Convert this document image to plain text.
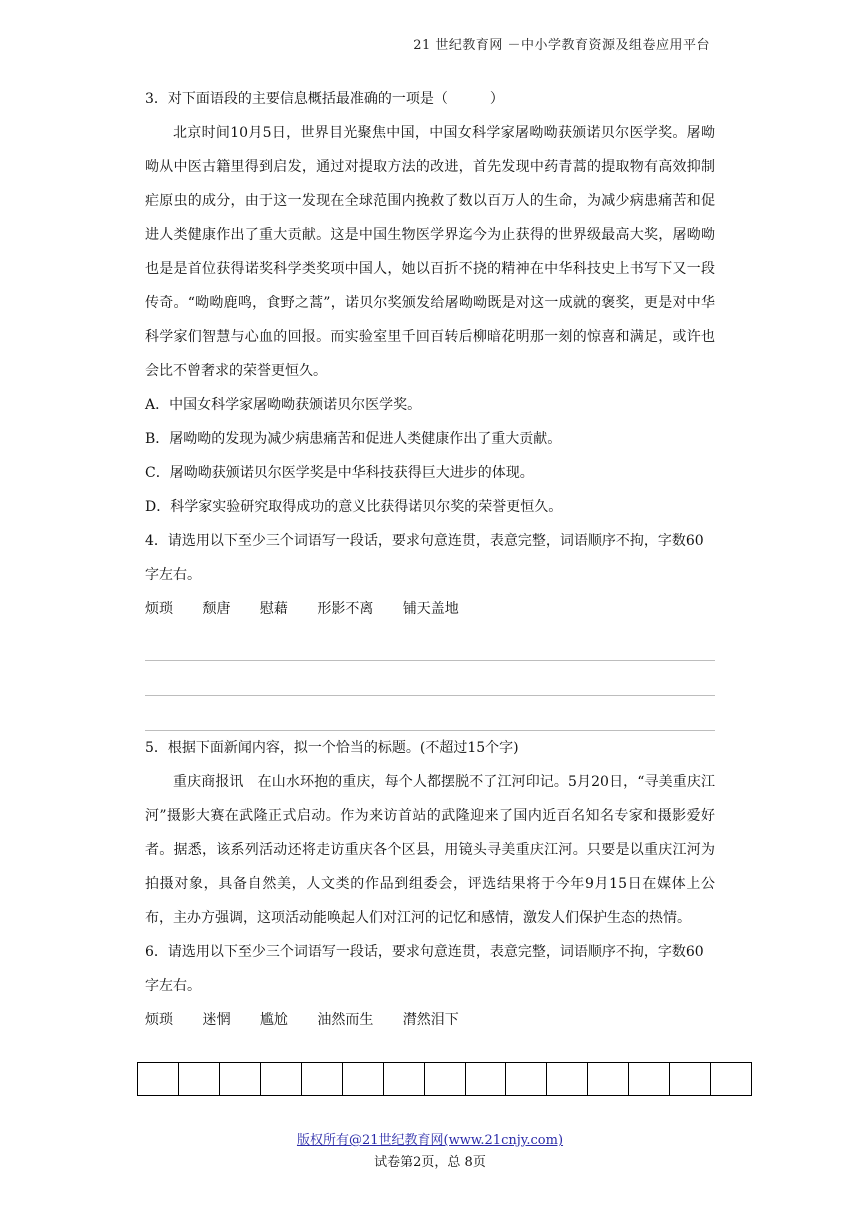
21 世纪教育网 －中小学教育资源及组卷应用平台

3．对下面语段的主要信息概括最准确的一项是（　　　）

北京时间10月5日，世界目光聚焦中国，中国女科学家屠呦呦获颁诺贝尔医学奖。屠呦呦从中医古籍里得到启发，通过对提取方法的改进，首先发现中药青蒿的提取物有高效抑制疟原虫的成分，由于这一发现在全球范围内挽救了数以百万人的生命，为减少病患痛苦和促进人类健康作出了重大贡献。这是中国生物医学界迄今为止获得的世界级最高大奖，屠呦呦也是是首位获得诺奖科学类奖项中国人，她以百折不挠的精神在中华科技史上书写下又一段传奇。“呦呦鹿鸣，食野之蒿”，诺贝尔奖颁发给屠呦呦既是对这一成就的褒奖，更是对中华科学家们智慧与心血的回报。而实验室里千回百转后柳暗花明那一刻的惊喜和满足，或许也会比不曾奢求的荣誉更恒久。

A．中国女科学家屠呦呦获颁诺贝尔医学奖。

B．屠呦呦的发现为减少病患痛苦和促进人类健康作出了重大贡献。

C．屠呦呦获颁诺贝尔医学奖是中华科技获得巨大进步的体现。

D．科学家实验研究取得成功的意义比获得诺贝尔奖的荣誉更恒久。

4．请选用以下至少三个词语写一段话，要求句意连贯，表意完整，词语顺序不拘，字数60字左右。

烦琐 颓唐 慰藉 形影不离 铺天盖地

5．根据下面新闻内容，拟一个恰当的标题。(不超过15个字)

重庆商报讯　在山水环抱的重庆，每个人都摆脱不了江河印记。5月20日，“寻美重庆江河”摄影大赛在武隆正式启动。作为来访首站的武隆迎来了国内近百名知名专家和摄影爱好者。据悉，该系列活动还将走访重庆各个区县，用镜头寻美重庆江河。只要是以重庆江河为拍摄对象，具备自然美，人文类的作品到组委会，评选结果将于今年9月15日在媒体上公布，主办方强调，这项活动能唤起人们对江河的记忆和感情，激发人们保护生态的热情。

6．请选用以下至少三个词语写一段话，要求句意连贯，表意完整，词语顺序不拘，字数60字左右。

烦琐 迷惘 尴尬 油然而生 潸然泪下

版权所有@21世纪教育网(www.21cnjy.com)
试卷第2页，总 8页
